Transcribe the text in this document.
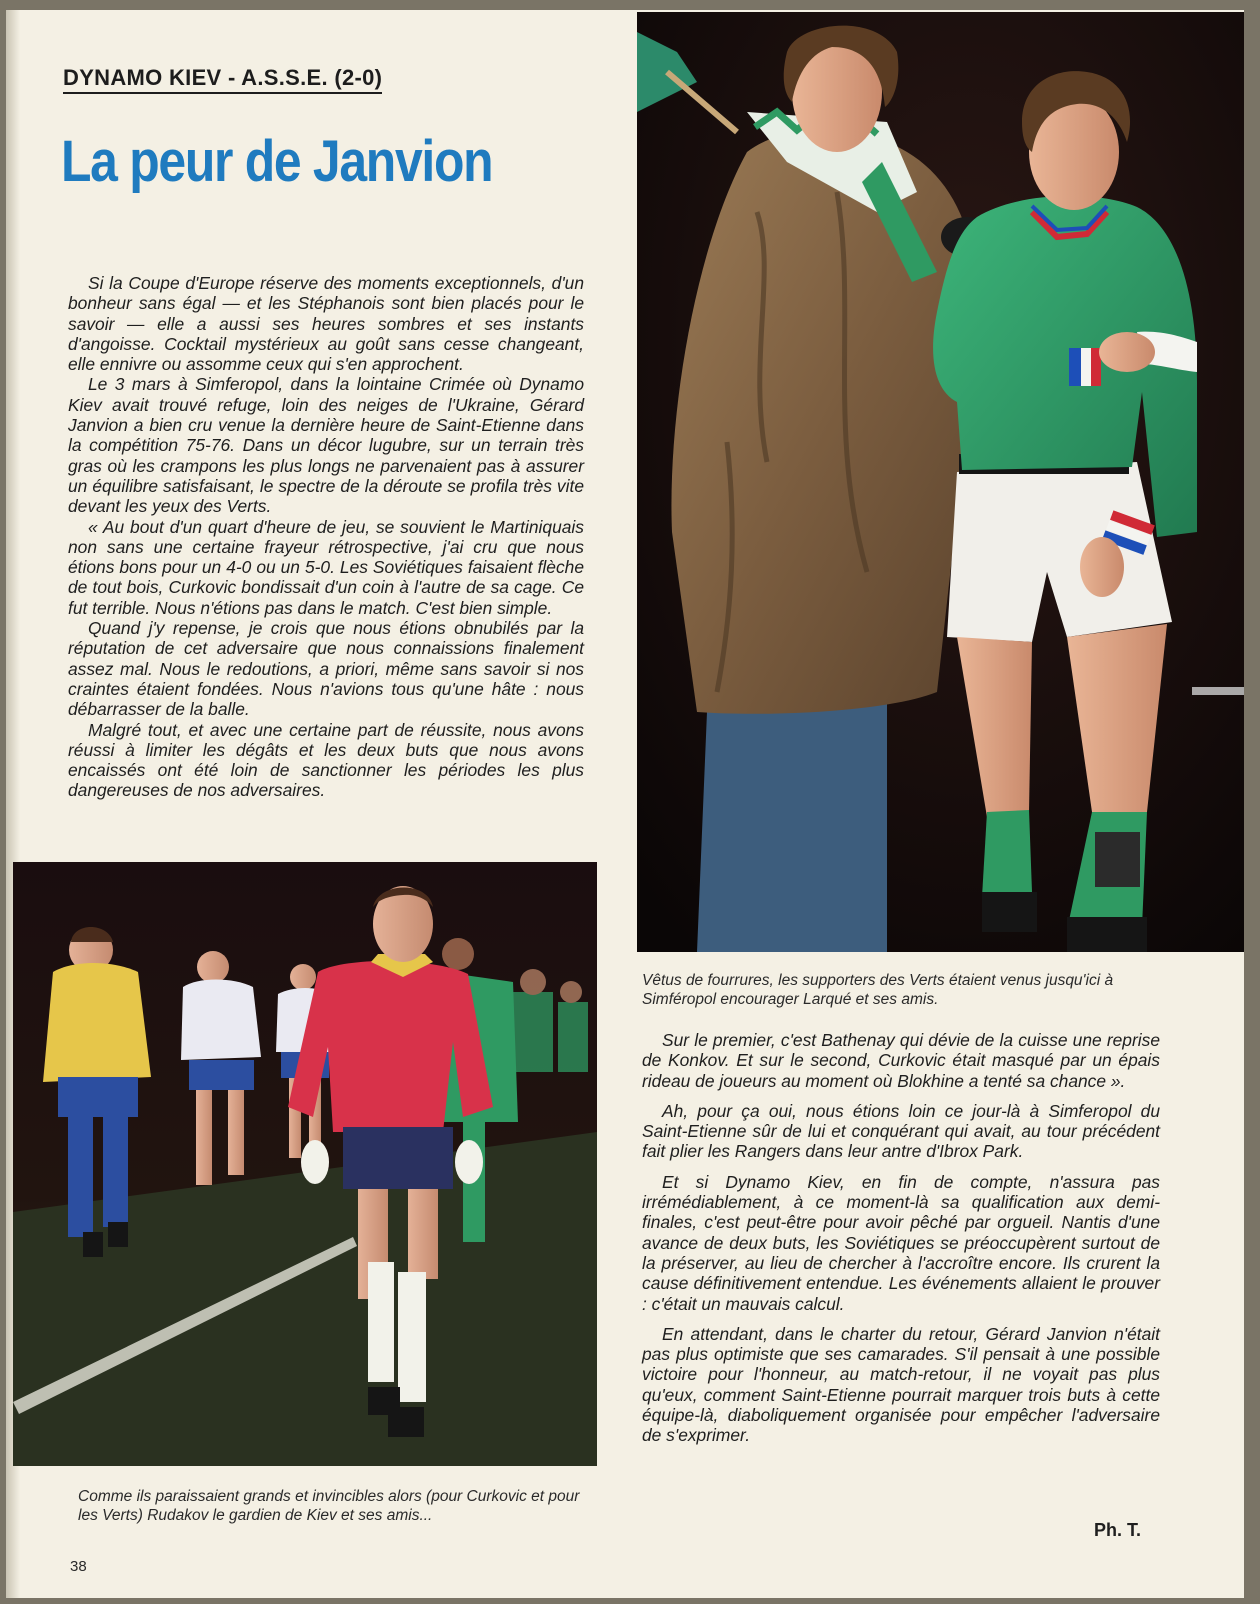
DYNAMO KIEV - A.S.S.E. (2-0)
La peur de Janvion

Si la Coupe d'Europe réserve des moments exceptionnels, d'un bonheur sans égal — et les Stéphanois sont bien placés pour le savoir — elle a aussi ses heures sombres et ses instants d'angoisse. Cocktail mystérieux au goût sans cesse changeant, elle ennivre ou assomme ceux qui s'en approchent.

Le 3 mars à Simferopol, dans la lointaine Crimée où Dynamo Kiev avait trouvé refuge, loin des neiges de l'Ukraine, Gérard Janvion a bien cru venue la dernière heure de Saint-Etienne dans la compétition 75-76. Dans un décor lugubre, sur un terrain très gras où les crampons les plus longs ne parvenaient pas à assurer un équilibre satisfaisant, le spectre de la déroute se profila très vite devant les yeux des Verts.

« Au bout d'un quart d'heure de jeu, se souvient le Martiniquais non sans une certaine frayeur rétrospective, j'ai cru que nous étions bons pour un 4-0 ou un 5-0. Les Soviétiques faisaient flèche de tout bois, Curkovic bondissait d'un coin à l'autre de sa cage. Ce fut terrible. Nous n'étions pas dans le match. C'est bien simple.

Quand j'y repense, je crois que nous étions obnubilés par la réputation de cet adversaire que nous connaissions finalement assez mal. Nous le redoutions, a priori, même sans savoir si nos craintes étaient fondées. Nous n'avions tous qu'une hâte : nous débarrasser de la balle.

Malgré tout, et avec une certaine part de réussite, nous avons réussi à limiter les dégâts et les deux buts que nous avons encaissés ont été loin de sanctionner les périodes les plus dangereuses de nos adversaires.

Vêtus de fourrures, les supporters des Verts étaient venus jusqu'ici à Simféropol encourager Larqué et ses amis.
Comme ils paraissaient grands et invincibles alors (pour Curkovic et pour les Verts) Rudakov le gardien de Kiev et ses amis...

Sur le premier, c'est Bathenay qui dévie de la cuisse une reprise de Konkov. Et sur le second, Curkovic était masqué par un épais rideau de joueurs au moment où Blokhine a tenté sa chance ».

Ah, pour ça oui, nous étions loin ce jour-là à Simferopol du Saint-Etienne sûr de lui et conquérant qui avait, au tour précédent fait plier les Rangers dans leur antre d'Ibrox Park.

Et si Dynamo Kiev, en fin de compte, n'assura pas irrémédiablement, à ce moment-là sa qualification aux demi-finales, c'est peut-être pour avoir pêché par orgueil. Nantis d'une avance de deux buts, les Soviétiques se préoccupèrent surtout de la préserver, au lieu de chercher à l'accroître encore. Ils crurent la cause définitivement entendue. Les événements allaient le prouver : c'était un mauvais calcul.

En attendant, dans le charter du retour, Gérard Janvion n'était pas plus optimiste que ses camarades. S'il pensait à une possible victoire pour l'honneur, au match-retour, il ne voyait pas plus qu'eux, comment Saint-Etienne pourrait marquer trois buts à cette équipe-là, diaboliquement organisée pour empêcher l'adversaire de s'exprimer.

Ph. T.
38
